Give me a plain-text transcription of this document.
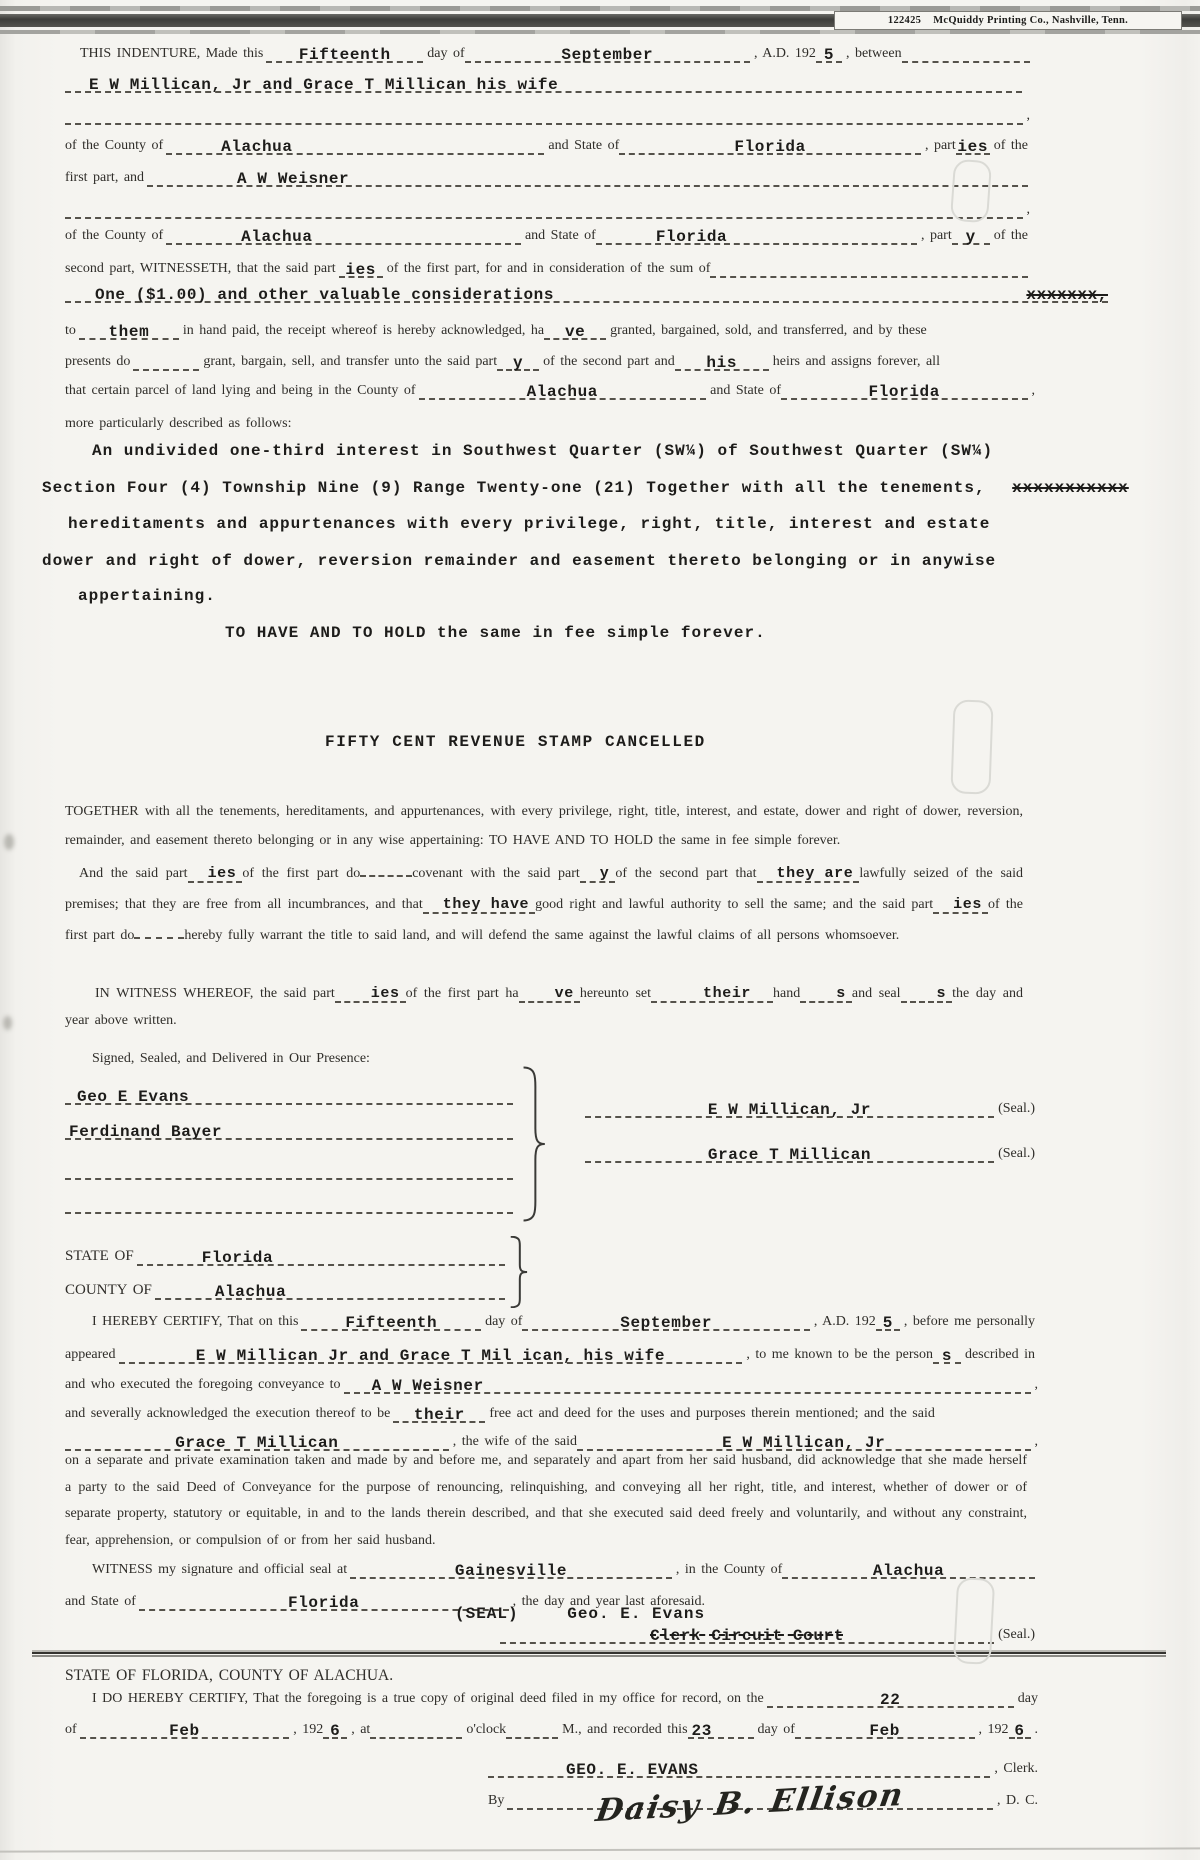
122425 McQuiddy Printing Co., Nashville, Tenn.
THIS INDENTURE, Made this Fifteenth	day of	September	, A.D. 192 5 , between
E W Millican, Jr and Grace T Millican his wife
,
of the County of	Alachua	and State of	Florida	, part ies of the
first part, and	A W Weisner
,
of the County of	Alachua	and State of	Florida	, part y of the
second part, WITNESSETH, that the said part ies of the first part, for and in consideration of the sum of
One ($1.00) and other valuable considerations	xxxxxxx,
to them in hand paid, the receipt whereof is hereby acknowledged, ha ve granted, bargained, sold, and transferred, and by these
presents do	grant, bargain, sell, and transfer unto the said part y of the second part and his	heirs and assigns forever, all
that certain parcel of land lying and being in the County of	Alachua	and State of	Florida	,
more particularly described as follows:
An undivided one-third interest in Southwest Quarter (SW¼) of Southwest Quarter (SW¼)
Section Four (4) Township Nine (9) Range Twenty-one (21) Together with all the tenements, xxxxxxxxxxx
hereditaments and appurtenances with every privilege, right, title, interest and estate
dower and right of dower, reversion remainder and easement thereto belonging or in anywise
appertaining.
TO HAVE AND TO HOLD the same in fee simple forever.
FIFTY CENT REVENUE STAMP CANCELLED
TOGETHER with all the tenements, hereditaments, and appurtenances, with every privilege, right, title, interest, and estate, dower and right of dower, reversion, remainder, and easement thereto belonging or in any wise appertaining: TO HAVE AND TO HOLD the same in fee simple forever.
And the said part ies of the first part do	covenant with the said part y of the second part that they are lawfully seized of the said premises; that they are free from all incumbrances, and that they have good right and lawful authority to sell the same; and the said part ies of the first part do	hereby fully warrant the title to said land, and will defend the same against the lawful claims of all persons whomsoever.
IN WITNESS WHEREOF, the said part ies of the first part ha ve hereunto set	their hand s and seal s the day and year above written.
Signed, Sealed, and Delivered in Our Presence:
Geo E Evans
Ferdinand Bayer
E W Millican, Jr	(Seal.)
Grace T Millican	(Seal.)
STATE OF	Florida
COUNTY OF	Alachua
I HEREBY CERTIFY, That on this	Fifteenth	day of	September	, A.D. 192 5 , before me personally
appeared	E W Millican Jr and Grace T Mil ican, his wife	, to me known to be the person s described in
and who executed the foregoing conveyance to A W Weisner	,
and severally acknowledged the execution thereof to be their free act and deed for the uses and purposes therein mentioned; and the said
Grace T Millican	, the wife of the said	E W Millican, Jr	,
on a separate and private examination taken and made by and before me, and separately and apart from her said husband, did acknowledge that she made herself a party to the said Deed of Conveyance for the purpose of renouncing, relinquishing, and conveying all her right, title, and interest, whether of dower or of separate property, statutory or equitable, in and to the lands therein described, and that she executed said deed freely and voluntarily, and without any constraint, fear, apprehension, or compulsion of or from her said husband.
WITNESS my signature and official seal at	Gainesville	, in the County of	Alachua
and State of	Florida	, the day and year last aforesaid.
(SEAL)	Geo. E. Evans
Clerk Circuit Court	(Seal.)
STATE OF FLORIDA, COUNTY OF ALACHUA.
I DO HEREBY CERTIFY, That the foregoing is a true copy of original deed filed in my office for record, on the	22	day
of	Feb	, 192 6 , at	o'clock	M., and recorded this 23	day of	Feb	, 192 6 .
GEO. E. EVANS	, Clerk.
By	Daisy B. Ellison	, D. C.
